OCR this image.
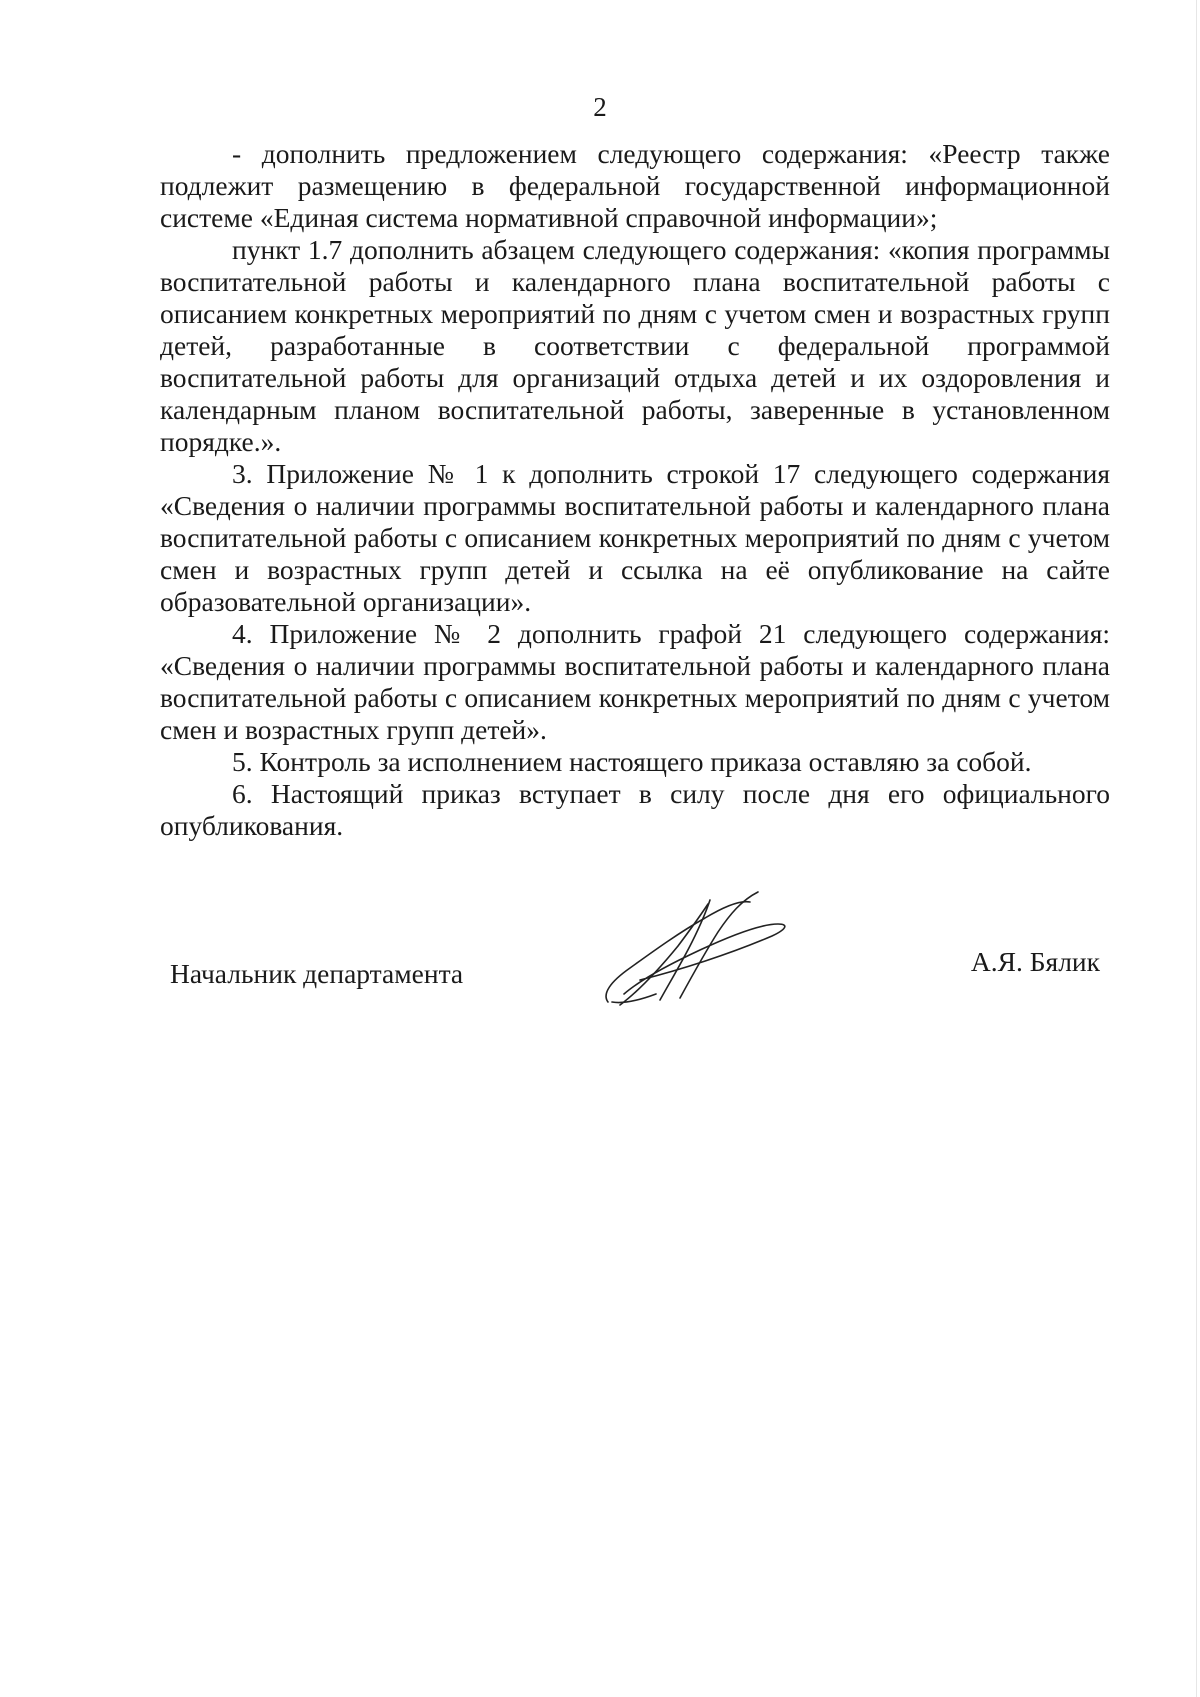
2

- дополнить предложением следующего содержания: «Реестр также подлежит размещению в федеральной государственной информационной системе «Единая система нормативной справочной информации»;

пункт 1.7 дополнить абзацем следующего содержания: «копия программы воспитательной работы и календарного плана воспитательной работы с описанием конкретных мероприятий по дням с учетом смен и возрастных групп детей, разработанные в соответствии с федеральной программой воспитательной работы для организаций отдыха детей и их оздоровления и календарным планом воспитательной работы, заверенные в установленном порядке.».

3. Приложение № 1 к дополнить строкой 17 следующего содержания «Сведения о наличии программы воспитательной работы и календарного плана воспитательной работы с описанием конкретных мероприятий по дням с учетом смен и возрастных групп детей и ссылка на её опубликование на сайте образовательной организации».

4. Приложение № 2 дополнить графой 21 следующего содержания: «Сведения о наличии программы воспитательной работы и календарного плана воспитательной работы с описанием конкретных мероприятий по дням с учетом смен и возрастных групп детей».

5. Контроль за исполнением настоящего приказа оставляю за собой.

6. Настоящий приказ вступает в силу после дня его официального опубликования.

Начальник департамента	А.Я. Бялик
